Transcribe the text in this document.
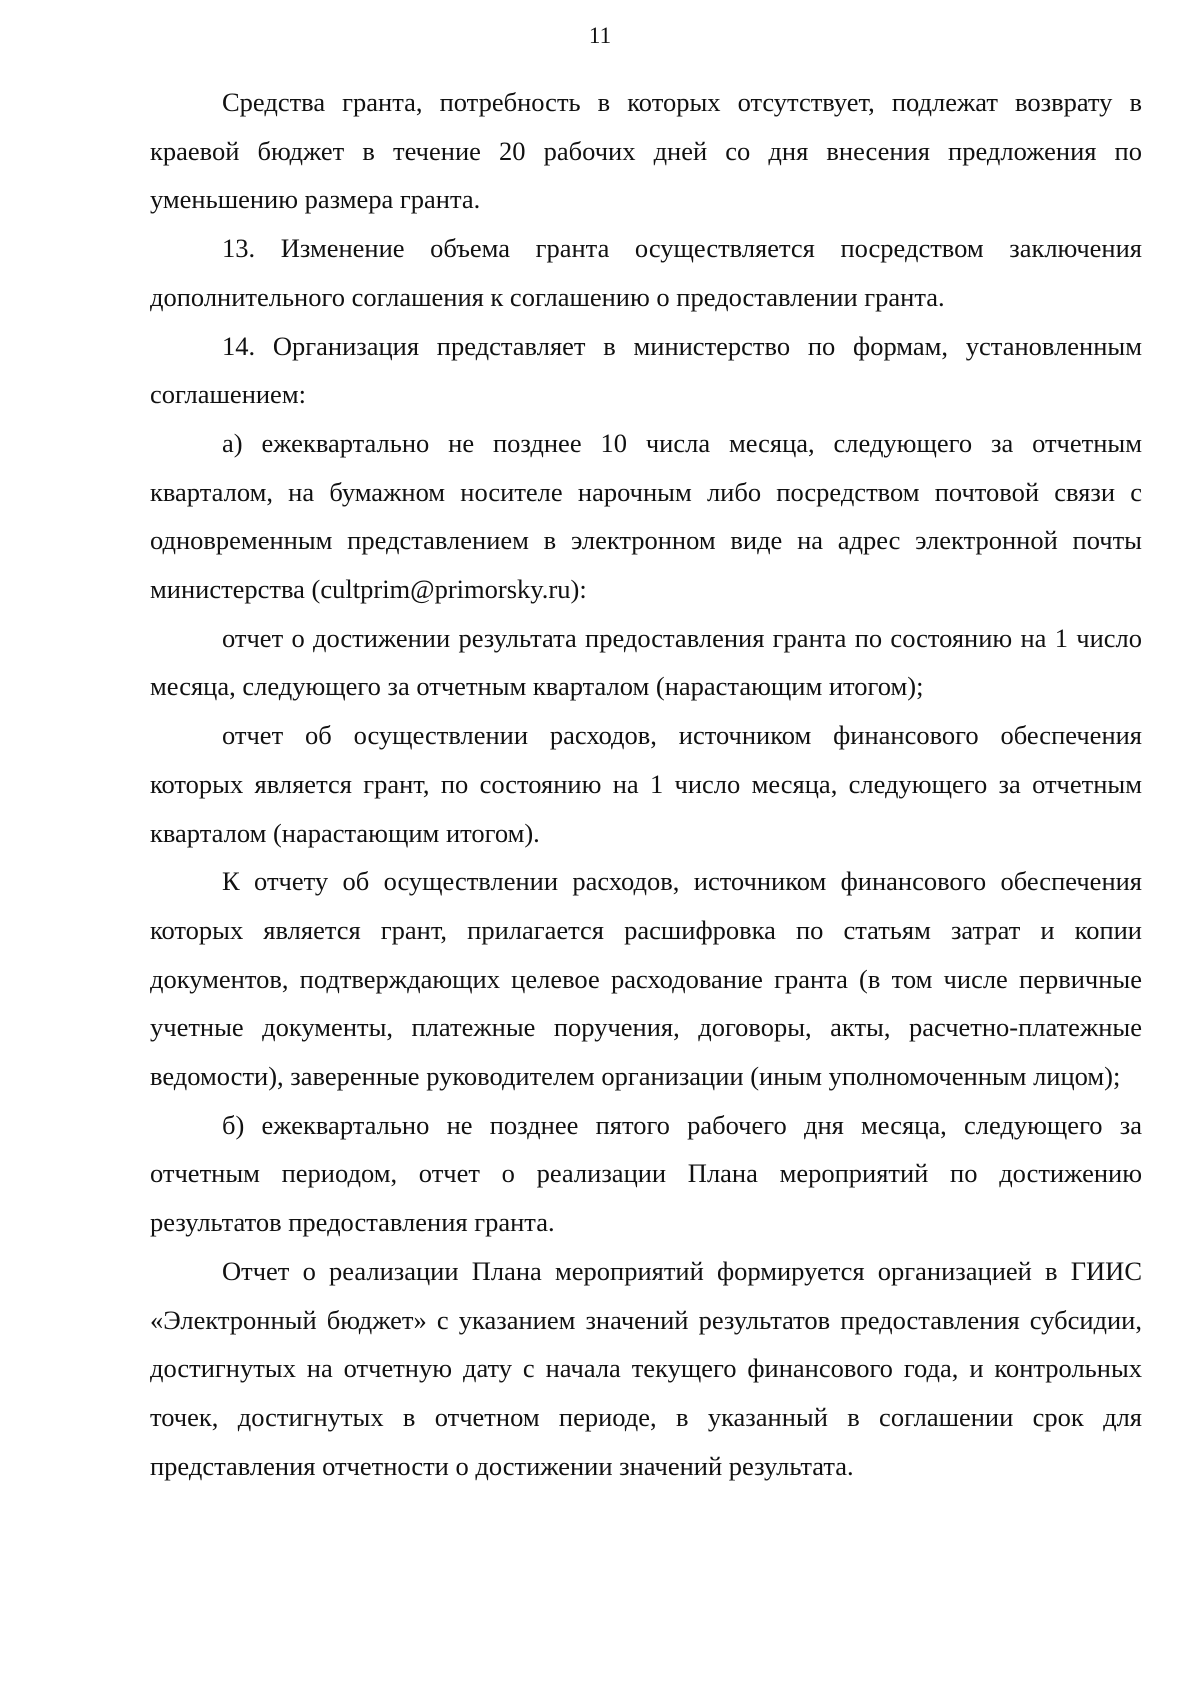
11

Средства гранта, потребность в которых отсутствует, подлежат возврату в краевой бюджет в течение 20 рабочих дней со дня внесения предложения по уменьшению размера гранта.

13. Изменение объема гранта осуществляется посредством заключения дополнительного соглашения к соглашению о предоставлении гранта.

14. Организация представляет в министерство по формам, установленным соглашением:

а) ежеквартально не позднее 10 числа месяца, следующего за отчетным кварталом, на бумажном носителе нарочным либо посредством почтовой связи с одновременным представлением в электронном виде на адрес электронной почты министерства (cultprim@primorsky.ru):

отчет о достижении результата предоставления гранта по состоянию на 1 число месяца, следующего за отчетным кварталом (нарастающим итогом);

отчет об осуществлении расходов, источником финансового обеспечения которых является грант, по состоянию на 1 число месяца, следующего за отчетным кварталом (нарастающим итогом).

К отчету об осуществлении расходов, источником финансового обеспечения которых является грант, прилагается расшифровка по статьям затрат и копии документов, подтверждающих целевое расходование гранта (в том числе первичные учетные документы, платежные поручения, договоры, акты, расчетно-платежные ведомости), заверенные руководителем организации (иным уполномоченным лицом);

б) ежеквартально не позднее пятого рабочего дня месяца, следующего за отчетным периодом, отчет о реализации Плана мероприятий по достижению результатов предоставления гранта.

Отчет о реализации Плана мероприятий формируется организацией в ГИИС «Электронный бюджет» с указанием значений результатов предоставления субсидии, достигнутых на отчетную дату с начала текущего финансового года, и контрольных точек, достигнутых в отчетном периоде, в указанный в соглашении срок для представления отчетности о достижении значений результата.
